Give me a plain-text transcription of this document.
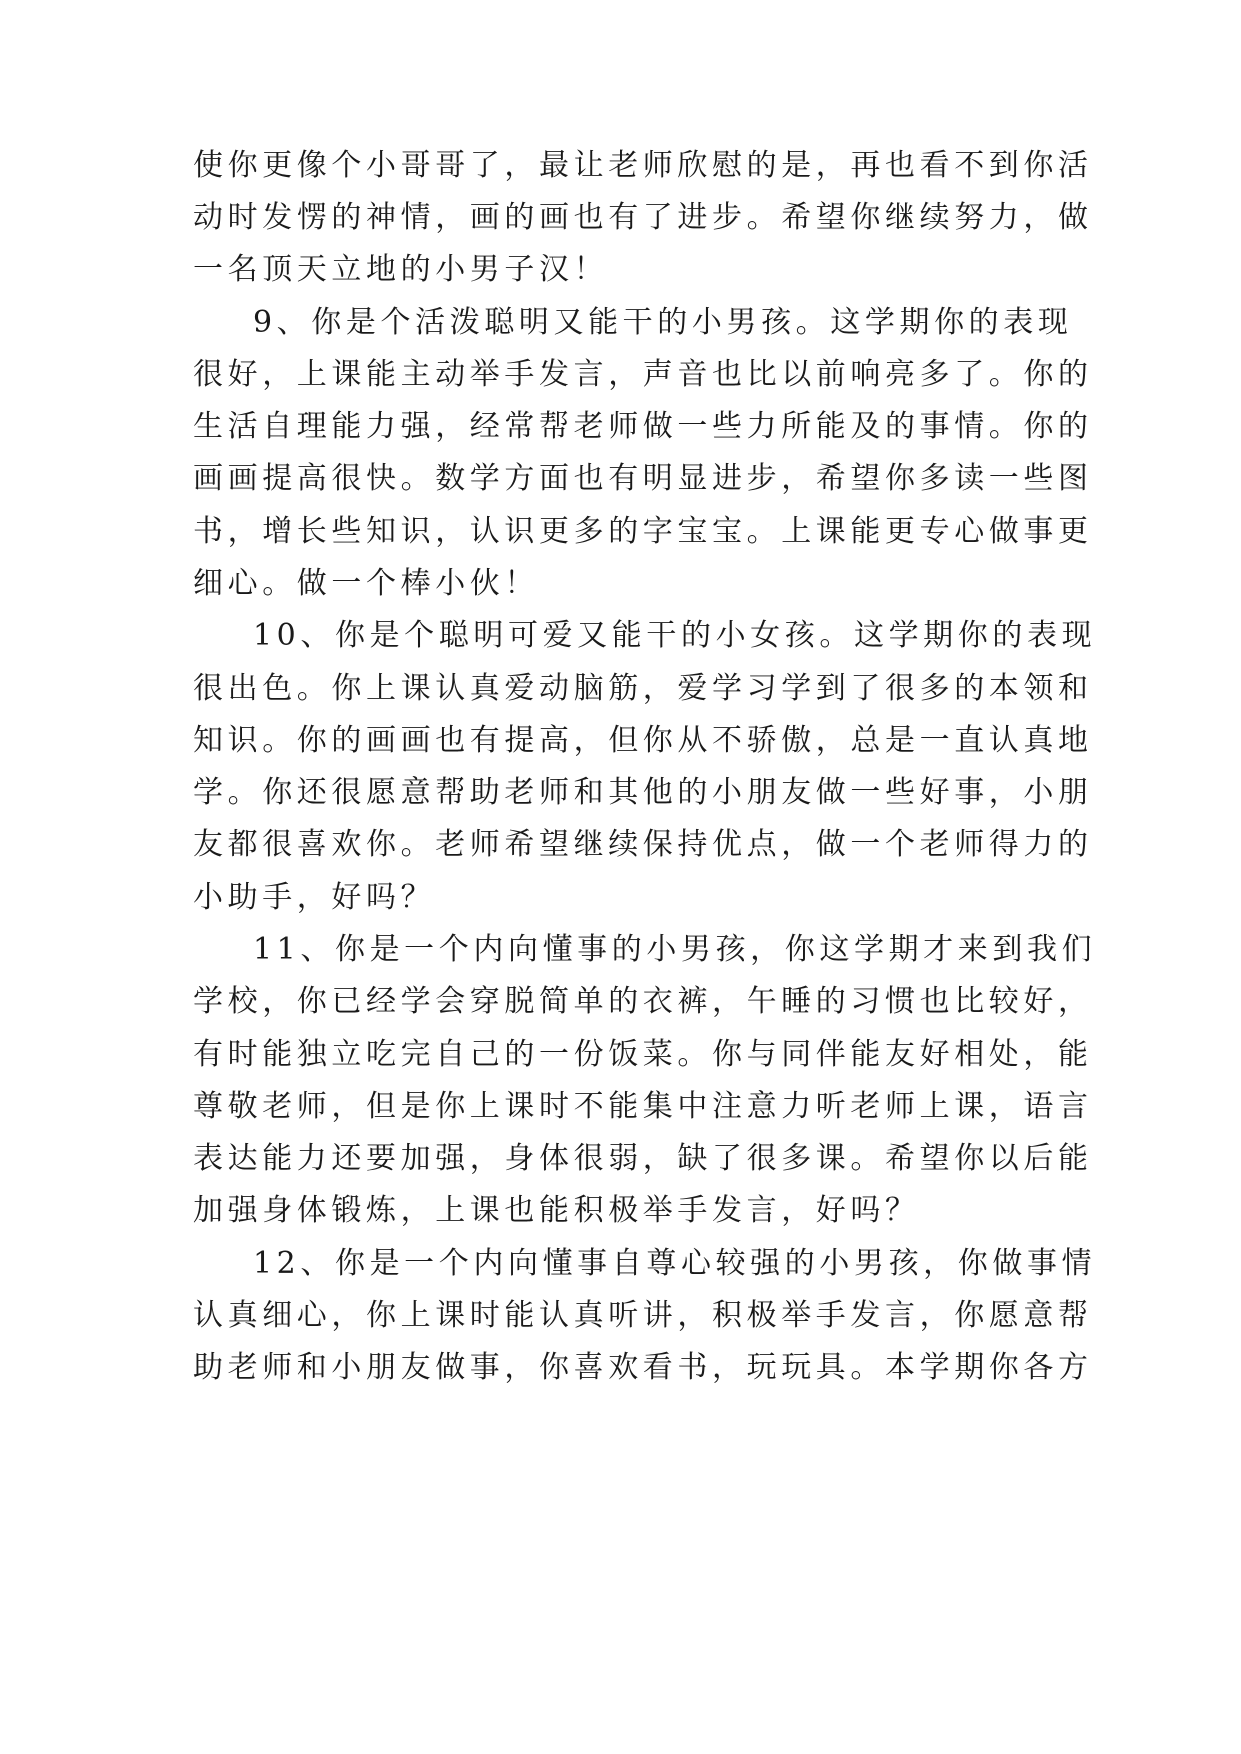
使你更像个小哥哥了，最让老师欣慰的是，再也看不到你活
动时发愣的神情，画的画也有了进步。希望你继续努力，做
一名顶天立地的小男子汉！
9、你是个活泼聪明又能干的小男孩。这学期你的表现
很好，上课能主动举手发言，声音也比以前响亮多了。你的
生活自理能力强，经常帮老师做一些力所能及的事情。你的
画画提高很快。数学方面也有明显进步，希望你多读一些图
书，增长些知识，认识更多的字宝宝。上课能更专心做事更
细心。做一个棒小伙！
10、你是个聪明可爱又能干的小女孩。这学期你的表现
很出色。你上课认真爱动脑筋，爱学习学到了很多的本领和
知识。你的画画也有提高，但你从不骄傲，总是一直认真地
学。你还很愿意帮助老师和其他的小朋友做一些好事，小朋
友都很喜欢你。老师希望继续保持优点，做一个老师得力的
小助手，好吗？
11、你是一个内向懂事的小男孩，你这学期才来到我们
学校，你已经学会穿脱简单的衣裤，午睡的习惯也比较好，
有时能独立吃完自己的一份饭菜。你与同伴能友好相处，能
尊敬老师，但是你上课时不能集中注意力听老师上课，语言
表达能力还要加强，身体很弱，缺了很多课。希望你以后能
加强身体锻炼，上课也能积极举手发言，好吗？
12、你是一个内向懂事自尊心较强的小男孩，你做事情
认真细心，你上课时能认真听讲，积极举手发言，你愿意帮
助老师和小朋友做事，你喜欢看书，玩玩具。本学期你各方
